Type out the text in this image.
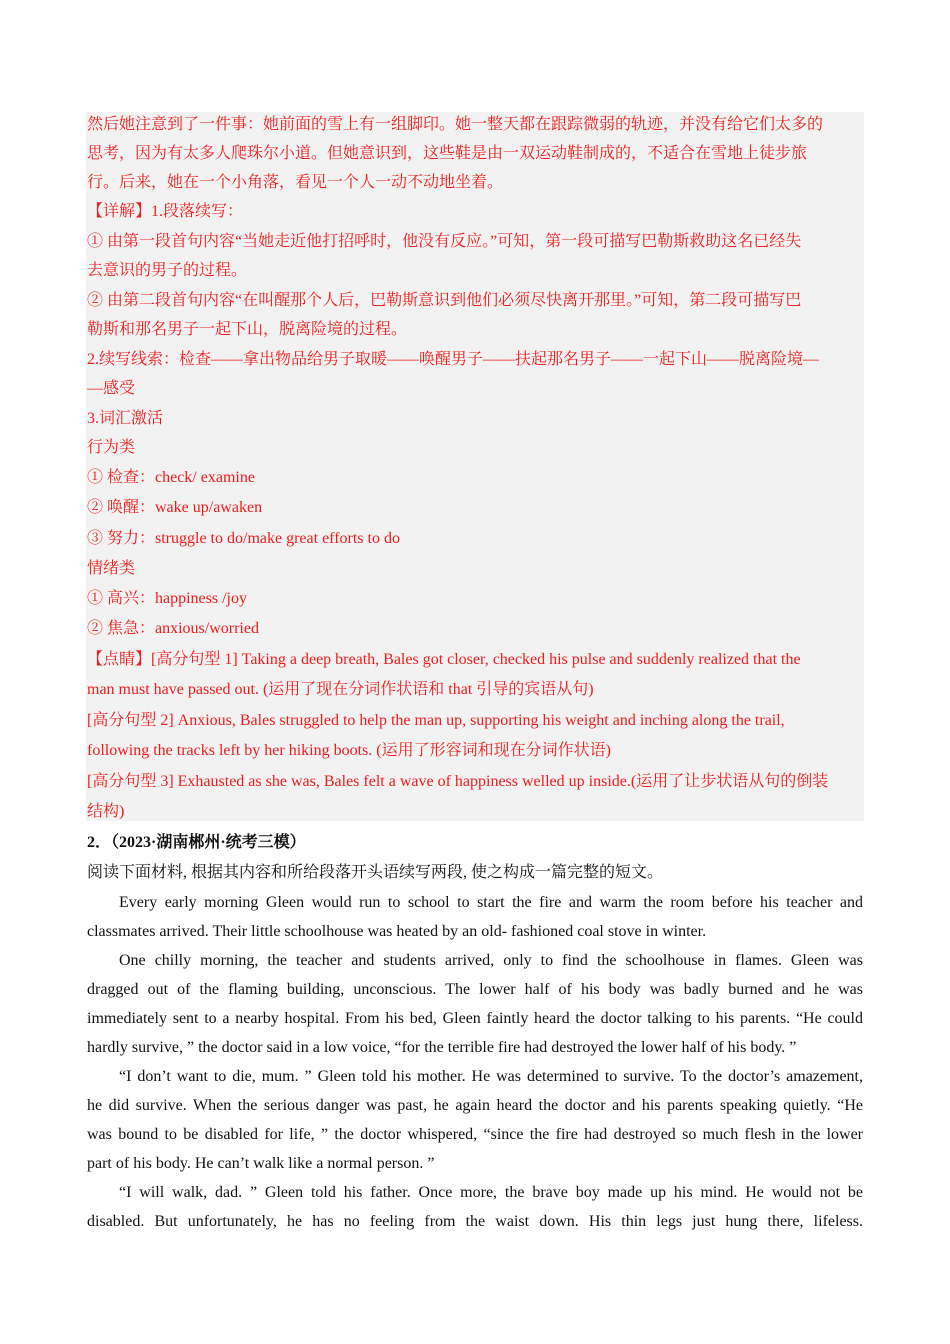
然后她注意到了一件事：她前面的雪上有一组脚印。她一整天都在跟踪微弱的轨迹，并没有给它们太多的

思考，因为有太多人爬珠尔小道。但她意识到，这些鞋是由一双运动鞋制成的，不适合在雪地上徒步旅

行。后来，她在一个小角落，看见一个人一动不动地坐着。

【详解】1.段落续写：

① 由第一段首句内容“当她走近他打招呼时，他没有反应。”可知，第一段可描写巴勒斯救助这名已经失

去意识的男子的过程。

② 由第二段首句内容“在叫醒那个人后，巴勒斯意识到他们必须尽快离开那里。”可知，第二段可描写巴

勒斯和那名男子一起下山，脱离险境的过程。

2.续写线索：检查——拿出物品给男子取暖——唤醒男子——扶起那名男子——一起下山——脱离险境—

—感受

3.词汇激活

行为类

① 检查：check/ examine

② 唤醒：wake up/awaken

③ 努力：struggle to do/make great efforts to do

情绪类

① 高兴：happiness /joy

② 焦急：anxious/worried

【点睛】[高分句型 1] Taking a deep breath, Bales got closer, checked his pulse and suddenly realized that the

man must have passed out. (运用了现在分词作状语和 that 引导的宾语从句)

[高分句型 2] Anxious, Bales struggled to help the man up, supporting his weight and inching along the trail,

following the tracks left by her hiking boots. (运用了形容词和现在分词作状语)

[高分句型 3] Exhausted as she was, Bales felt a wave of happiness welled up inside.(运用了让步状语从句的倒装

结构)

2．（2023·湖南郴州·统考三模）

阅读下面材料, 根据其内容和所给段落开头语续写两段, 使之构成一篇完整的短文。

Every early morning Gleen would run to school to start the fire and warm the room before his teacher and

classmates arrived. Their little schoolhouse was heated by an old- fashioned coal stove in winter.

One chilly morning, the teacher and students arrived, only to find the schoolhouse in flames. Gleen was

dragged out of the flaming building, unconscious. The lower half of his body was badly burned and he was

immediately sent to a nearby hospital. From his bed, Gleen faintly heard the doctor talking to his parents. “He could

hardly survive, ” the doctor said in a low voice, “for the terrible fire had destroyed the lower half of his body. ”

“I don’t want to die, mum. ” Gleen told his mother. He was determined to survive. To the doctor’s amazement,

he did survive. When the serious danger was past, he again heard the doctor and his parents speaking quietly. “He

was bound to be disabled for life, ” the doctor whispered, “since the fire had destroyed so much flesh in the lower

part of his body. He can’t walk like a normal person. ”

“I will walk, dad. ” Gleen told his father. Once more, the brave boy made up his mind. He would not be

disabled. But unfortunately, he has no feeling from the waist down. His thin legs just hung there, lifeless.
